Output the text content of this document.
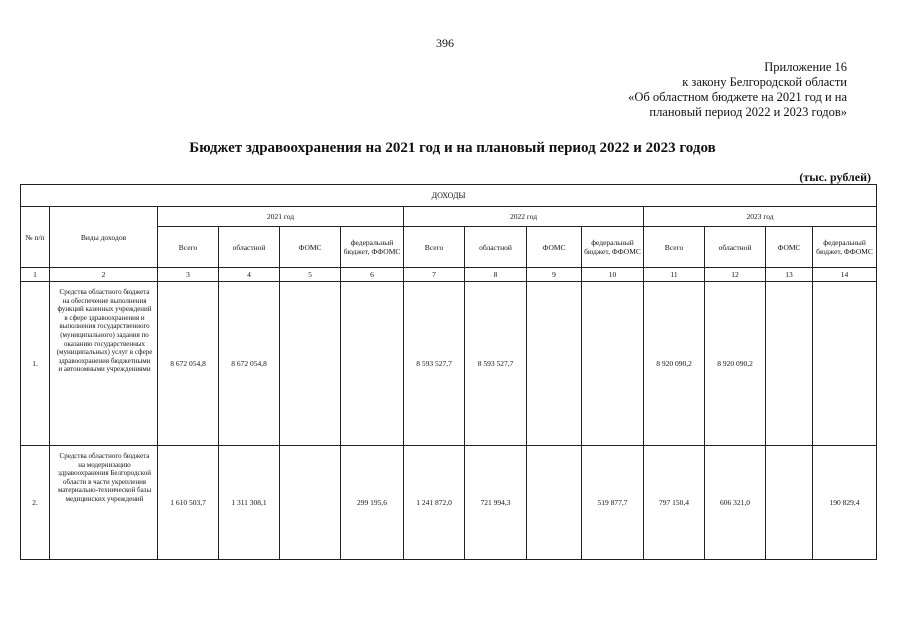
396
Приложение 16
к закону Белгородской области
«Об областном бюджете на 2021 год и на
плановый период 2022 и 2023 годов»
Бюджет здравоохранения на 2021 год и на плановый период 2022 и 2023 годов
(тыс. рублей)
ДОХОДЫ													
№ п/п	Виды доходов	2021 год				2022 год				2023 год			
		Всего	областной	ФОМС	федеральный бюджет, ФФОМС	Всего	областной	ФОМС	федеральный бюджет, ФФОМС	Всего	областной	ФОМС	федеральный бюджет, ФФОМС
1	2	3	4	5	6	7	8	9	10	11	12	13	14
1.	Средства областного бюджета на обеспечение выполнения функций казенных учреждений в сфере здравоохранения и выполнения государственного (муниципального) задания по оказанию государственных (муниципальных) услуг в сфере здравоохранения бюджетными и автономными учреждениями	8 672 054,8	8 672 054,8			8 593 527,7	8 593 527,7			8 920 090,2	8 920 090,2		
2.	Средства областного бюджета на модернизацию здравоохранения Белгородской области в части укрепления материально-технической базы медицинских учреждений	1 610 503,7	1 311 308,1		299 195,6	1 241 872,0	721 994,3		519 877,7	797 150,4	606 321,0		190 829,4
